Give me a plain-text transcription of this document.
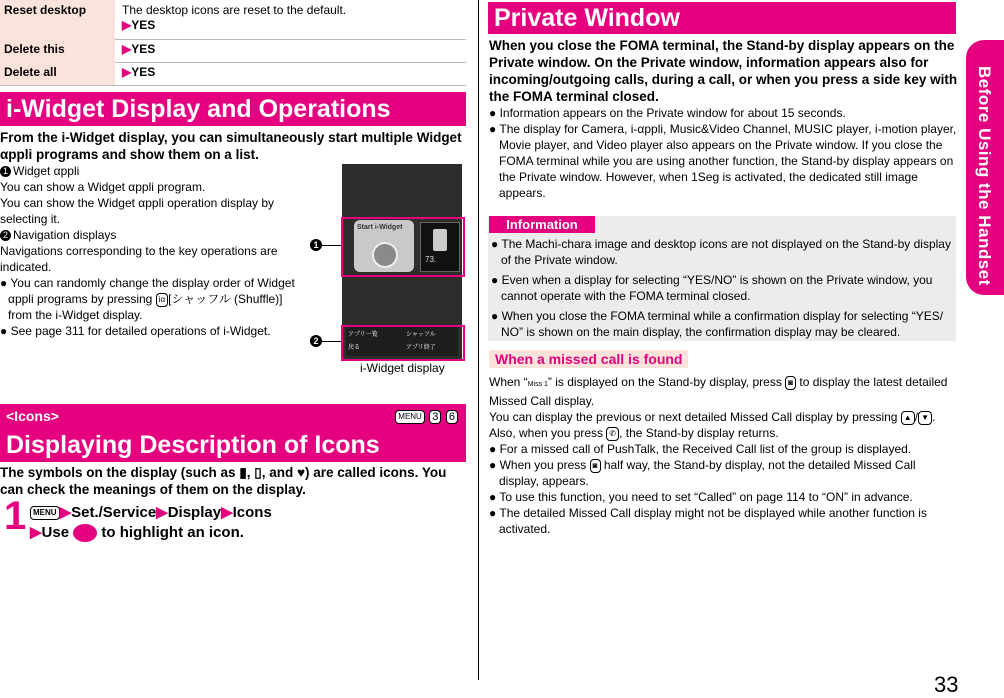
Reset desktop	The desktop icons are reset to the default.
▶YES
Delete this	▶YES
Delete all	▶YES
i-Widget Display and Operations
From the i-Widget display, you can simultaneously start multiple Widget
αppli programs and show them on a list.
1 Widget αppli
You can show a Widget αppli program.
You can show the Widget αppli operation display by
selecting it.
2 Navigation displays
Navigations corresponding to the key operations are
indicated.
● You can randomly change the display order of Widget
αppli programs by pressing iα [シャッフル (Shuffle)]
from the i-Widget display.
● See page 311 for detailed operations of i-Widget.
Start i-Widget
73.
アプリ一覧	シャッフル
戻る	アプリ終了
1
2
i-Widget display
<Icons>	MENU 3 6
Displaying Description of Icons
The symbols on the display (such as ▮, ▯, and ♥) are called icons. You
can check the meanings of them on the display.
1 MENU ▶Set./Service▶Display▶Icons
▶Use to highlight an icon.
Private Window
When you close the FOMA terminal, the Stand-by display appears on the
Private window. On the Private window, information appears also for
incoming/outgoing calls, during a call, or when you press a side key with
the FOMA terminal closed.
● Information appears on the Private window for about 15 seconds.
● The display for Camera, i-αppli, Music&Video Channel, MUSIC player, i-motion player,
Movie player, and Video player also appears on the Private window. If you close the
FOMA terminal while you are using another function, the Stand-by display appears on
the Private window. However, when 1Seg is activated, the dedicated still image
appears.
Information
● The Machi-chara image and desktop icons are not displayed on the Stand-by display
of the Private window.
● Even when a display for selecting “YES/NO” is shown on the Private window, you
cannot operate with the FOMA terminal closed.
● When you close the FOMA terminal while a confirmation display for selecting “YES/
NO” is shown on the main display, the confirmation display may be cleared.
When a missed call is found
When “Miss 1” is displayed on the Stand-by display, press ◙ to display the latest detailed
Missed Call display.
You can display the previous or next detailed Missed Call display by pressing ▲ / ▼ .
Also, when you press ✆ , the Stand-by display returns.
● For a missed call of PushTalk, the Received Call list of the group is displayed.
● When you press ◙ half way, the Stand-by display, not the detailed Missed Call
display, appears.
● To use this function, you need to set “Called” on page 114 to “ON” in advance.
● The detailed Missed Call display might not be displayed while another function is
activated.
Before Using the Handset
33
